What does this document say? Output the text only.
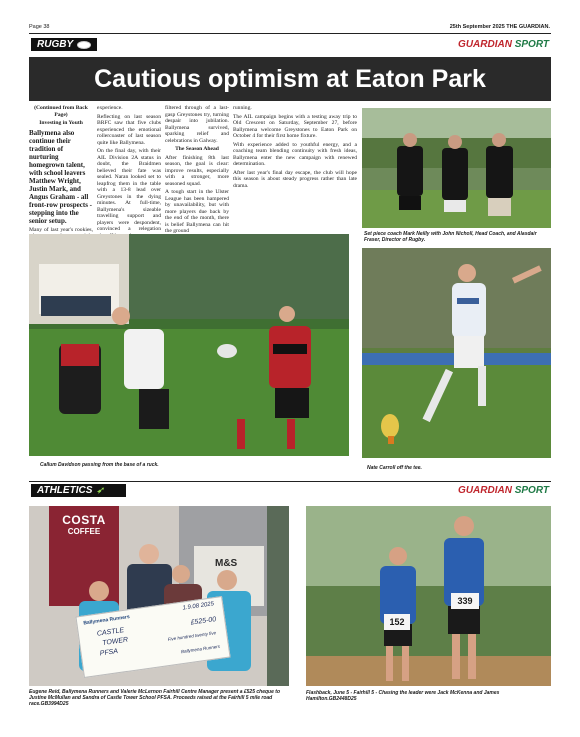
Page 38	25th September 2025 THE GUARDIAN.
RUGBY	GUARDIAN SPORT
Cautious optimism at Eaton Park

(Continued from Back Page)

Investing in Youth

Ballymena also continue their tradition of nurturing homegrown talent, with school leavers Matthew Wright, Justin Mark, and Angus Graham - all front-row prospects - stepping into the senior setup.

Many of last year's rookies,

experience.

Reflecting on last season BRFC saw that five clubs experienced the emotional rollercoaster of last season quite like Ballymena.

On the final day, with their AIL Division 2A status in doubt, the Braidmen believed their fate was sealed. Naran looked set to leapfrog them in the table with a 13-8 lead over Greystones in the dying minutes. At full-time, Ballymena's sizeable travelling support and players were despondent, convinced a relegation

filtered through of a last-gasp Greystones try, turning despair into jubilation. Ballymena survived, sparking relief and celebrations in Galway.

The Season Ahead

After finishing 8th last season, the goal is clear: improve results, especially with a stronger, more seasoned squad.

A tough start in the Ulster League has been hampered by unavailability, but with more players due back by the end of the month, there is belief Ballymena can hit the ground

running.

The AIL campaign begins with a testing away trip to Old Crescent on Saturday, September 27, before Ballymena welcome Greystones to Eaton Park on October 4 for their first home fixture.

With experience added to youthful energy, and a coaching team blending continuity with fresh ideas, Ballymena enter the new campaign with renewed determination.

After last year's final day escape, the club will hope this season is about steady progress rather than late drama.

Set piece coach Mark Neilly with John Nicholl, Head Coach, and Alasdair Fraser, Director of Rugby.
Callum Davidson passing from the base of a ruck.	Nate Carroll off the tee.
ATHLETICS ➶	GUARDIAN SPORT
COSTA
COFFEE
M&S
Ballymena Runners
1.9.08 2025
CASTLE
TOWER
PFSA
£525-00
Five hundred twenty five
Ballymena Runners
Eugene Reid, Ballymena Runners and Valerie McLernon Fairhill Centre Manager present a £525 cheque to Justine McMullan and Sandra of Castle Tower School PFSA. Proceeds raised at the Fairhill 5 mile road race.GB3994D25
152
339
Flashback, June 5 - Fairhill 5 - Chasing the leader were Jack McKenna and James Hamilton.GB2448D25
